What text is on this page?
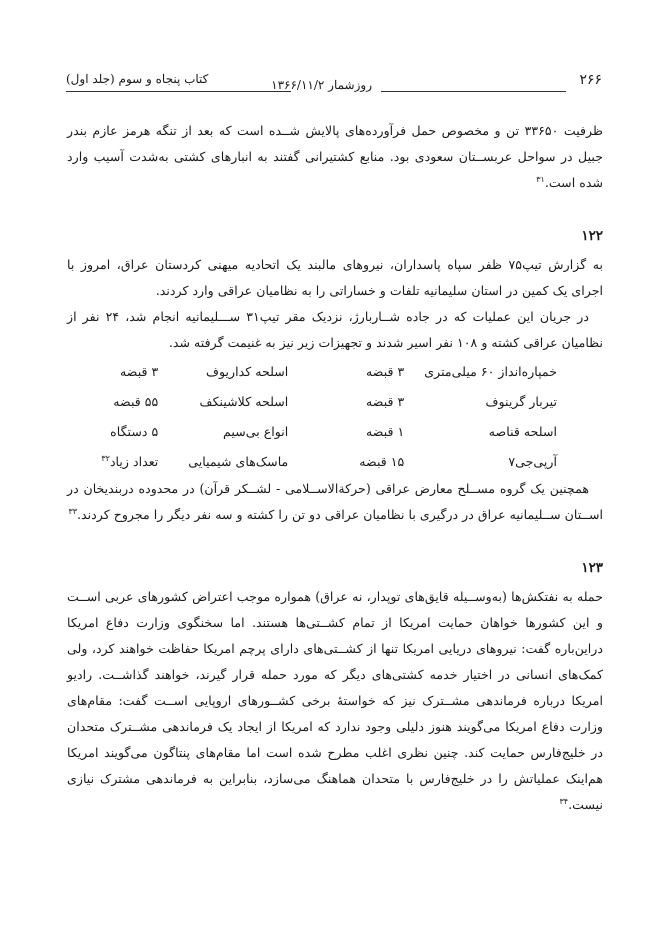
۲۶۶
روزشمار ۱۳۶۶/۱۱/۲
کتاب پنجاه و سوم (جلد اول)

ظرفیت ۳۳۶۵۰ تن و مخصوص حمل فرآورده‌های پالایش شــده است که بعد از تنگه هرمز عازم بندر جبیل در سواحل عربســتان سعودی بود. منابع کشتیرانی گفتند به انبارهای کشتی به‌شدت آسیب وارد شده است.$^{۳۱}$

۱۲۲

به گزارش تیپ۷۵ ظفر سپاه پاسداران، نیروهای مالبند یک اتحادیه میهنی کردستان عراق، امروز با اجرای یک کمین در استان سلیمانیه تلفات و خساراتی را به نظامیان عراقی وارد کردند.

در جریان این عملیات که در جاده شــاربارژ، نزدیک مقر تیپ۳۱ ســـلیمانیه انجام شد، ۲۴ نفر از نظامیان عراقی کشته و ۱۰۸ نفر اسیر شدند و تجهیزات زیر نیز به غنیمت گرفته شد.

خمپاره‌انداز ۶۰ میلی‌متری		۳ قبضه		اسلحه کداریوف	۳ قبضه
تیربار گرینوف		۳ قبضه		اسلحه کلاشینکف	۵۵ قبضه
اسلحه قناصه		۱ قبضه		انواع بی‌سیم	۵ دستگاه
آرپی‌جی۷		۱۵ قبضه		ماسک‌های شیمیایی	تعداد زیاد$^{۳۲}$

همچنین یک گروه مســلح معارض عراقی (حرکة‌الاســلامی - لشــکر قرآن) در محدوده دربندیخان در اســتان ســلیمانیه عراق در درگیری با نظامیان عراقی دو تن را کشته و سه نفر دیگر را مجروح کردند.$^{۳۳}$

۱۲۳

حمله به نفتکش‌ها (به‌وســیله قایق‌های توپدار، نه عراق) همواره موجب اعتراض کشورهای عربی اســت و این کشورها خواهان حمایت امریکا از تمام کشــتی‌ها هستند. اما سخنگوی وزارت دفاع امریکا دراین‌باره گفت: نیروهای دریایی امریکا تنها از کشــتی‌های دارای پرچم امریکا حفاظت خواهند کرد، ولی کمک‌های انسانی در اختیار خدمه کشتی‌های دیگر که مورد حمله قرار گیرند، خواهند گذاشــت. رادیو امریکا درباره فرماندهی مشــترک نیز که خواستهٔ برخی کشــورهای اروپایی اســت گفت: مقام‌های وزارت دفاع امریکا می‌گویند هنوز دلیلی وجود ندارد که امریکا از ایجاد یک فرماندهی مشــترک متحدان در خلیج‌فارس حمایت کند. چنین نظری اغلب مطرح شده است اما مقام‌های پنتاگون می‌گویند امریکا هم‌اینک عملیاتش را در خلیج‌فارس با متحدان هماهنگ می‌سازد، بنابراین به فرماندهی مشترک نیازی نیست.$^{۳۴}$
